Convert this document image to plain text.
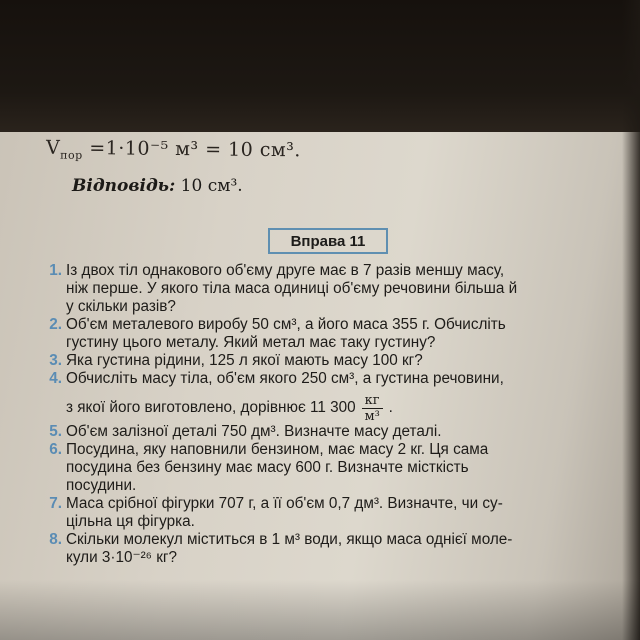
$V_{пор} =1\cdot 10^{-5}$ м³ = 10 см³.
Відповідь: 10 см³.
Вправа 11
1. Із двох тіл однакового об'єму друге має в 7 разів меншу масу,
ніж перше. У якого тіла маса одиниці об'єму речовини більша й
у скільки разів?
2. Об'єм металевого виробу 50 см³, а його маса 355 г. Обчисліть
густину цього металу. Який метал має таку густину?
3. Яка густина рідини, 125 л якої мають масу 100 кг?
4. Обчисліть масу тіла, об'єм якого 250 см³, а густина речовини,
з якої його виготовлено, дорівнює 11 $300 \frac{кг}{\text{м³}}$ .
5. Об'єм залізної деталі 750 дм³. Визначте масу деталі.
6. Посудина, яку наповнили бензином, має масу 2 кг. Ця сама
посудина без бензину має масу 600 г. Визначте місткість
посудини.
7. Маса срібної фігурки 707 г, а її об'єм 0,7 дм³. Визначте, чи су-
цільна ця фігурка.
8. Скільки молекул міститься в 1 м³ води, якщо маса однієї моле-
кули 3·10⁻²⁶ кг?
